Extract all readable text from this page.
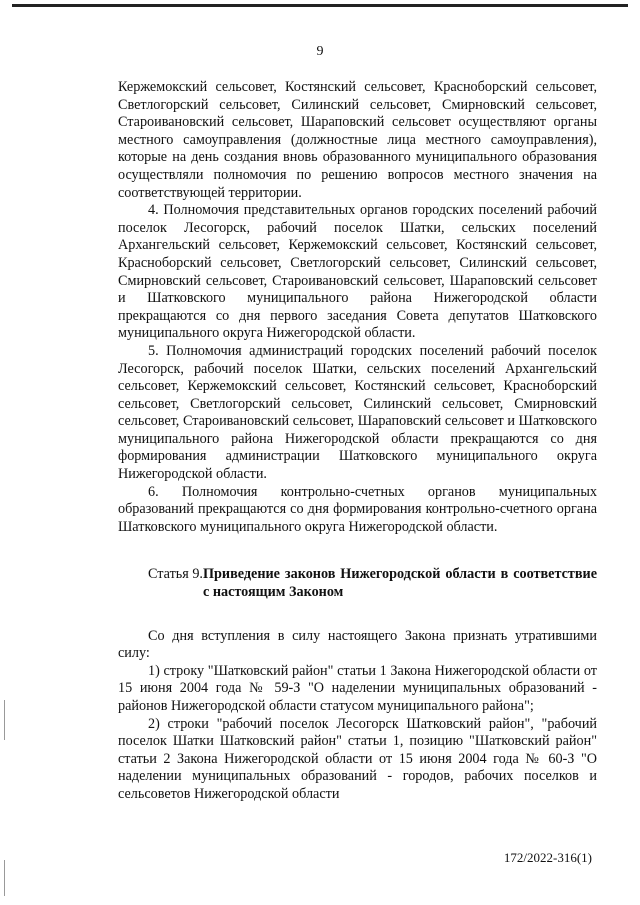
9

Кержемокский сельсовет, Костянский сельсовет, Красноборский сельсовет, Светлогорский сельсовет, Силинский сельсовет, Смирновский сельсовет, Староивановский сельсовет, Шараповский сельсовет осуществляют органы местного самоуправления (должностные лица местного самоуправления), которые на день создания вновь образованного муниципального образования осуществляли полномочия по решению вопросов местного значения на соответствующей территории.

4. Полномочия представительных органов городских поселений рабочий поселок Лесогорск, рабочий поселок Шатки, сельских поселений Архангельский сельсовет, Кержемокский сельсовет, Костянский сельсовет, Красноборский сельсовет, Светлогорский сельсовет, Силинский сельсовет, Смирновский сельсовет, Староивановский сельсовет, Шараповский сельсовет и Шатковского муниципального района Нижегородской области прекращаются со дня первого заседания Совета депутатов Шатковского муниципального округа Нижегородской области.

5. Полномочия администраций городских поселений рабочий поселок Лесогорск, рабочий поселок Шатки, сельских поселений Архангельский сельсовет, Кержемокский сельсовет, Костянский сельсовет, Красноборский сельсовет, Светлогорский сельсовет, Силинский сельсовет, Смирновский сельсовет, Староивановский сельсовет, Шараповский сельсовет и Шатковского муниципального района Нижегородской области прекращаются со дня формирования администрации Шатковского муниципального округа Нижегородской области.

6. Полномочия контрольно-счетных органов муниципальных образований прекращаются со дня формирования контрольно-счетного органа Шатковского муниципального округа Нижегородской области.

Статья 9. Приведение законов Нижегородской области в соответствие с настоящим Законом

Со дня вступления в силу настоящего Закона признать утратившими силу:

1) строку "Шатковский район" статьи 1 Закона Нижегородской области от 15 июня 2004 года № 59-З "О наделении муниципальных образований - районов Нижегородской области статусом муниципального района";

2) строки "рабочий поселок Лесогорск Шатковский район", "рабочий поселок Шатки Шатковский район" статьи 1, позицию "Шатковский район" статьи 2 Закона Нижегородской области от 15 июня 2004 года № 60-З "О наделении муниципальных образований - городов, рабочих поселков и сельсоветов Нижегородской области

172/2022-316(1)
